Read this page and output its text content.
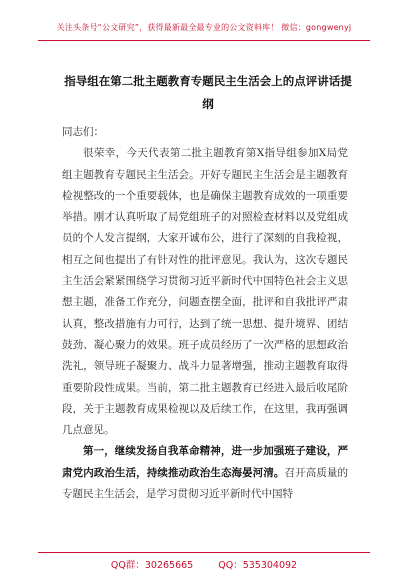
关注头条号“公文研究”，获得最新最全最专业的公文资料库！ 微信：gongwenyj
指导组在第二批主题教育专题民主生活会上的点评讲话提纲

同志们：

很荣幸，今天代表第二批主题教育第X指导组参加X局党组主题教育专题民主生活会。开好专题民主生活会是主题教育检视整改的一个重要载体，也是确保主题教育成效的一项重要举措。刚才认真听取了局党组班子的对照检查材料以及党组成员的个人发言提纲，大家开诚布公，进行了深刻的自我检视，相互之间也提出了有针对性的批评意见。我认为，这次专题民主生活会紧紧围绕学习贯彻习近平新时代中国特色社会主义思想主题，准备工作充分，问题查摆全面，批评和自我批评严肃认真，整改措施有力可行，达到了统一思想、提升境界、团结鼓劲、凝心聚力的效果。班子成员经历了一次严格的思想政治洗礼，领导班子凝聚力、战斗力显著增强，推动主题教育取得重要阶段性成果。当前，第二批主题教育已经进入最后收尾阶段，关于主题教育成果检视以及后续工作，在这里，我再强调几点意见。

第一，继续发扬自我革命精神，进一步加强班子建设，严肃党内政治生活，持续推动政治生态海晏河清。召开高质量的专题民主生活会，是学习贯彻习近平新时代中国特

QQ群：30265665 QQ：535304092
